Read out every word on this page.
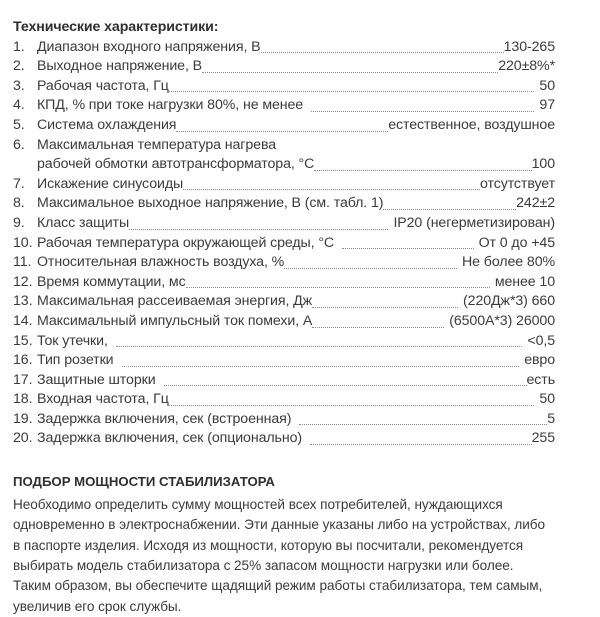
Технические характеристики:
1. Диапазон входного напряжения, В	130-265
2. Выходное напряжение, В	220±8%*
3. Рабочая частота, Гц	50
4. КПД, % при токе нагрузки 80%, не менее	97
5. Система охлаждения	естественное, воздушное
6. Максимальная температура нагрева
рабочей обмотки автотрансформатора, °С	100
7. Искажение синусоиды	отсутствует
8. Максимальное выходное напряжение, В (см. табл. 1)	242±2
9. Класс защиты	IP20 (негерметизирован)
10. Рабочая температура окружающей среды, °С	От 0 до +45
11. Относительная влажность воздуха, %	Не более 80%
12. Время коммутации, мс	менее 10
13. Максимальная рассеиваемая энергия, Дж	(220Дж*3) 660
14. Максимальный импульсный ток помехи, А	(6500А*3) 26000
15. Ток утечки,	<0,5
16. Тип розетки	евро
17. Защитные шторки	есть
18. Входная частота, Гц	50
19. Задержка включения, сек (встроенная)	5
20. Задержка включения, сек (опционально)	255
ПОДБОР МОЩНОСТИ СТАБИЛИЗАТОРА

Необходимо определить сумму мощностей всех потребителей, нуждающихся одновременно в электроснабжении. Эти данные указаны либо на устройствах, либо в паспорте изделия. Исходя из мощности, которую вы посчитали, рекомендуется выбирать модель стабилизатора с 25% запасом мощности нагрузки или более. Таким образом, вы обеспечите щадящий режим работы стабилизатора, тем самым, увеличив его срок службы.
